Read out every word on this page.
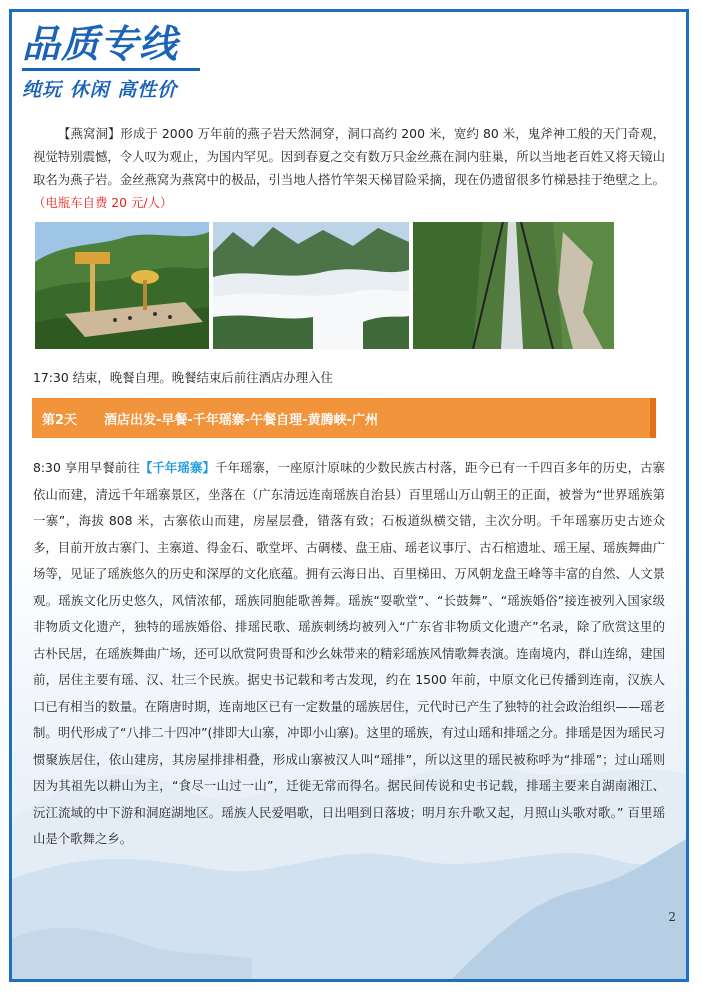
品质专线
纯玩 休闲 高性价
【燕窝洞】形成于 2000 万年前的燕子岩天然洞穿，洞口高约 200 米，宽约 80 米，鬼斧神工般的天门奇观，视觉特别震憾，令人叹为观止，为国内罕见。因到春夏之交有数万只金丝燕在洞内驻巢，所以当地老百姓又将天镜山取名为燕子岩。金丝燕窝为燕窝中的极品，引当地人搭竹竿架天梯冒险采摘，现在仍遗留很多竹梯悬挂于绝壁之上。（电瓶车自费 20 元/人）
17:30 结束，晚餐自理。晚餐结束后前往酒店办理入住
第2天	酒店出发-早餐-千年瑶寨-午餐自理-黄腾峡-广州
8:30 享用早餐前往【千年瑶寨】千年瑶寨，一座原汁原味的少数民族古村落，距今已有一千四百多年的历史，古寨依山而建，清远千年瑶寨景区，坐落在（广东清远连南瑶族自治县）百里瑶山万山朝王的正面，被誉为“世界瑶族第一寨”，海拔 808 米，古寨依山而建，房屋层叠，错落有致；石板道纵横交错，主次分明。千年瑶寨历史古迹众多，目前开放古寨门、主寨道、得金石、歌堂坪、古碉楼、盘王庙、瑶老议事厅、古石棺遗址、瑶王屋、瑶族舞曲广场等，见证了瑶族悠久的历史和深厚的文化底蕴。拥有云海日出、百里梯田、万风朝龙盘王峰等丰富的自然、人文景观。瑶族文化历史悠久，风情浓郁，瑶族同胞能歌善舞。瑶族“耍歌堂”、“长鼓舞”、“瑶族婚俗”接连被列入国家级非物质文化遗产，独特的瑶族婚俗、排瑶民歌、瑶族刺绣均被列入“广东省非物质文化遗产”名录，除了欣赏这里的古朴民居，在瑶族舞曲广场，还可以欣赏阿贵哥和沙幺妹带来的精彩瑶族风情歌舞表演。连南境内，群山连绵，建国前，居住主要有瑶、汉、壮三个民族。据史书记载和考古发现，约在 1500 年前，中原文化已传播到连南，汉族人口已有相当的数量。在隋唐时期，连南地区已有一定数量的瑶族居住，元代时已产生了独特的社会政治组织——瑶老制。明代形成了“八排二十四冲”(排即大山寨，冲即小山寨)。这里的瑶族，有过山瑶和排瑶之分。排瑶是因为瑶民习惯聚族居住，依山建房，其房屋排排相叠，形成山寨被汉人叫“瑶排”，所以这里的瑶民被称呼为“排瑶”；过山瑶则因为其祖先以耕山为主，“食尽一山过一山”，迁徙无常而得名。据民间传说和史书记载，排瑶主要来自湖南湘江、沅江流域的中下游和洞庭湖地区。瑶族人民爱唱歌，日出唱到日落坡；明月东升歌又起，月照山头歌对歌。” 百里瑶山是个歌舞之乡。
2
